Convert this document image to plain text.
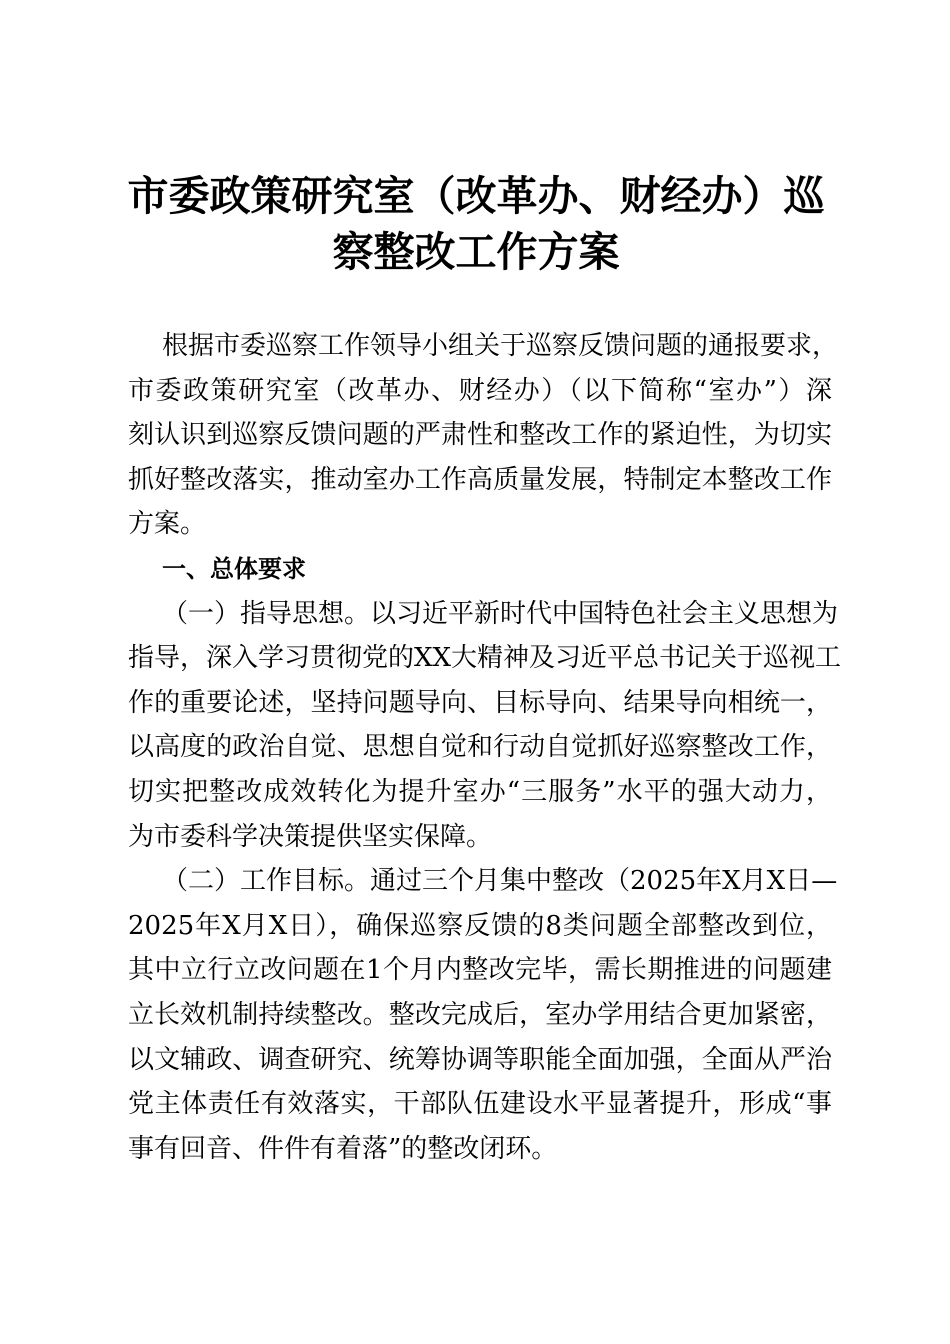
市委政策研究室（改革办、财经办）巡
察整改工作方案
根据市委巡察工作领导小组关于巡察反馈问题的通报要求，
市委政策研究室（改革办、财经办）（以下简称“室办”）深
刻认识到巡察反馈问题的严肃性和整改工作的紧迫性，为切实
抓好整改落实，推动室办工作高质量发展，特制定本整改工作
方案。
一、总体要求
（一）指导思想。以习近平新时代中国特色社会主义思想为
指导，深入学习贯彻党的XX大精神及习近平总书记关于巡视工
作的重要论述，坚持问题导向、目标导向、结果导向相统一，
以高度的政治自觉、思想自觉和行动自觉抓好巡察整改工作，
切实把整改成效转化为提升室办“三服务”水平的强大动力，
为市委科学决策提供坚实保障。
（二）工作目标。通过三个月集中整改（2025年X月X日—
2025年X月X日），确保巡察反馈的8类问题全部整改到位，
其中立行立改问题在1个月内整改完毕，需长期推进的问题建
立长效机制持续整改。整改完成后，室办学用结合更加紧密，
以文辅政、调查研究、统筹协调等职能全面加强，全面从严治
党主体责任有效落实，干部队伍建设水平显著提升，形成“事
事有回音、件件有着落”的整改闭环。
